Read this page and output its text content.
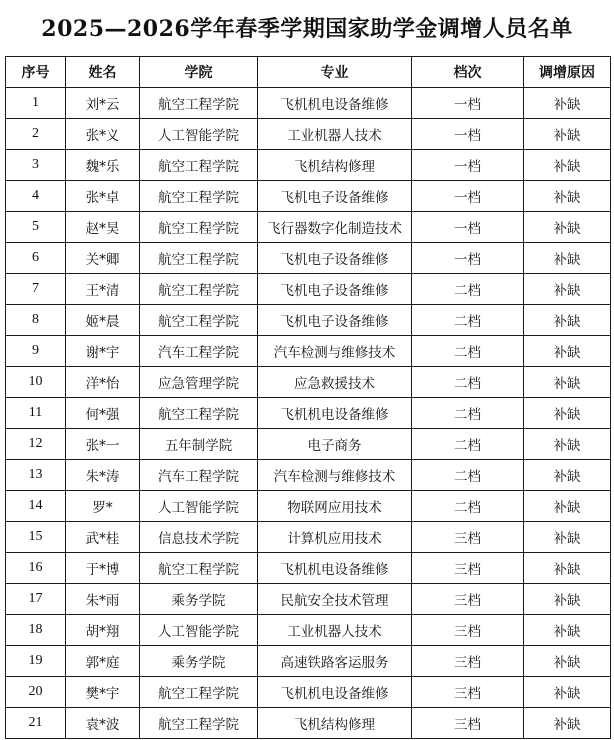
2025—2026学年春季学期国家助学金调增人员名单
序号	姓名	学院	专业	档次	调增原因
1	刘*云	航空工程学院	飞机机电设备维修	一档	补缺
2	张*义	人工智能学院	工业机器人技术	一档	补缺
3	魏*乐	航空工程学院	飞机结构修理	一档	补缺
4	张*卓	航空工程学院	飞机电子设备维修	一档	补缺
5	赵*昊	航空工程学院	飞行器数字化制造技术	一档	补缺
6	关*卿	航空工程学院	飞机电子设备维修	一档	补缺
7	王*清	航空工程学院	飞机电子设备维修	二档	补缺
8	姬*晨	航空工程学院	飞机电子设备维修	二档	补缺
9	谢*宇	汽车工程学院	汽车检测与维修技术	二档	补缺
10	洋*怡	应急管理学院	应急救援技术	二档	补缺
11	何*强	航空工程学院	飞机机电设备维修	二档	补缺
12	张*一	五年制学院	电子商务	二档	补缺
13	朱*涛	汽车工程学院	汽车检测与维修技术	二档	补缺
14	罗*	人工智能学院	物联网应用技术	二档	补缺
15	武*桂	信息技术学院	计算机应用技术	三档	补缺
16	于*博	航空工程学院	飞机机电设备维修	三档	补缺
17	朱*雨	乘务学院	民航安全技术管理	三档	补缺
18	胡*翔	人工智能学院	工业机器人技术	三档	补缺
19	郭*庭	乘务学院	高速铁路客运服务	三档	补缺
20	樊*宇	航空工程学院	飞机机电设备维修	三档	补缺
21	袁*波	航空工程学院	飞机结构修理	三档	补缺
